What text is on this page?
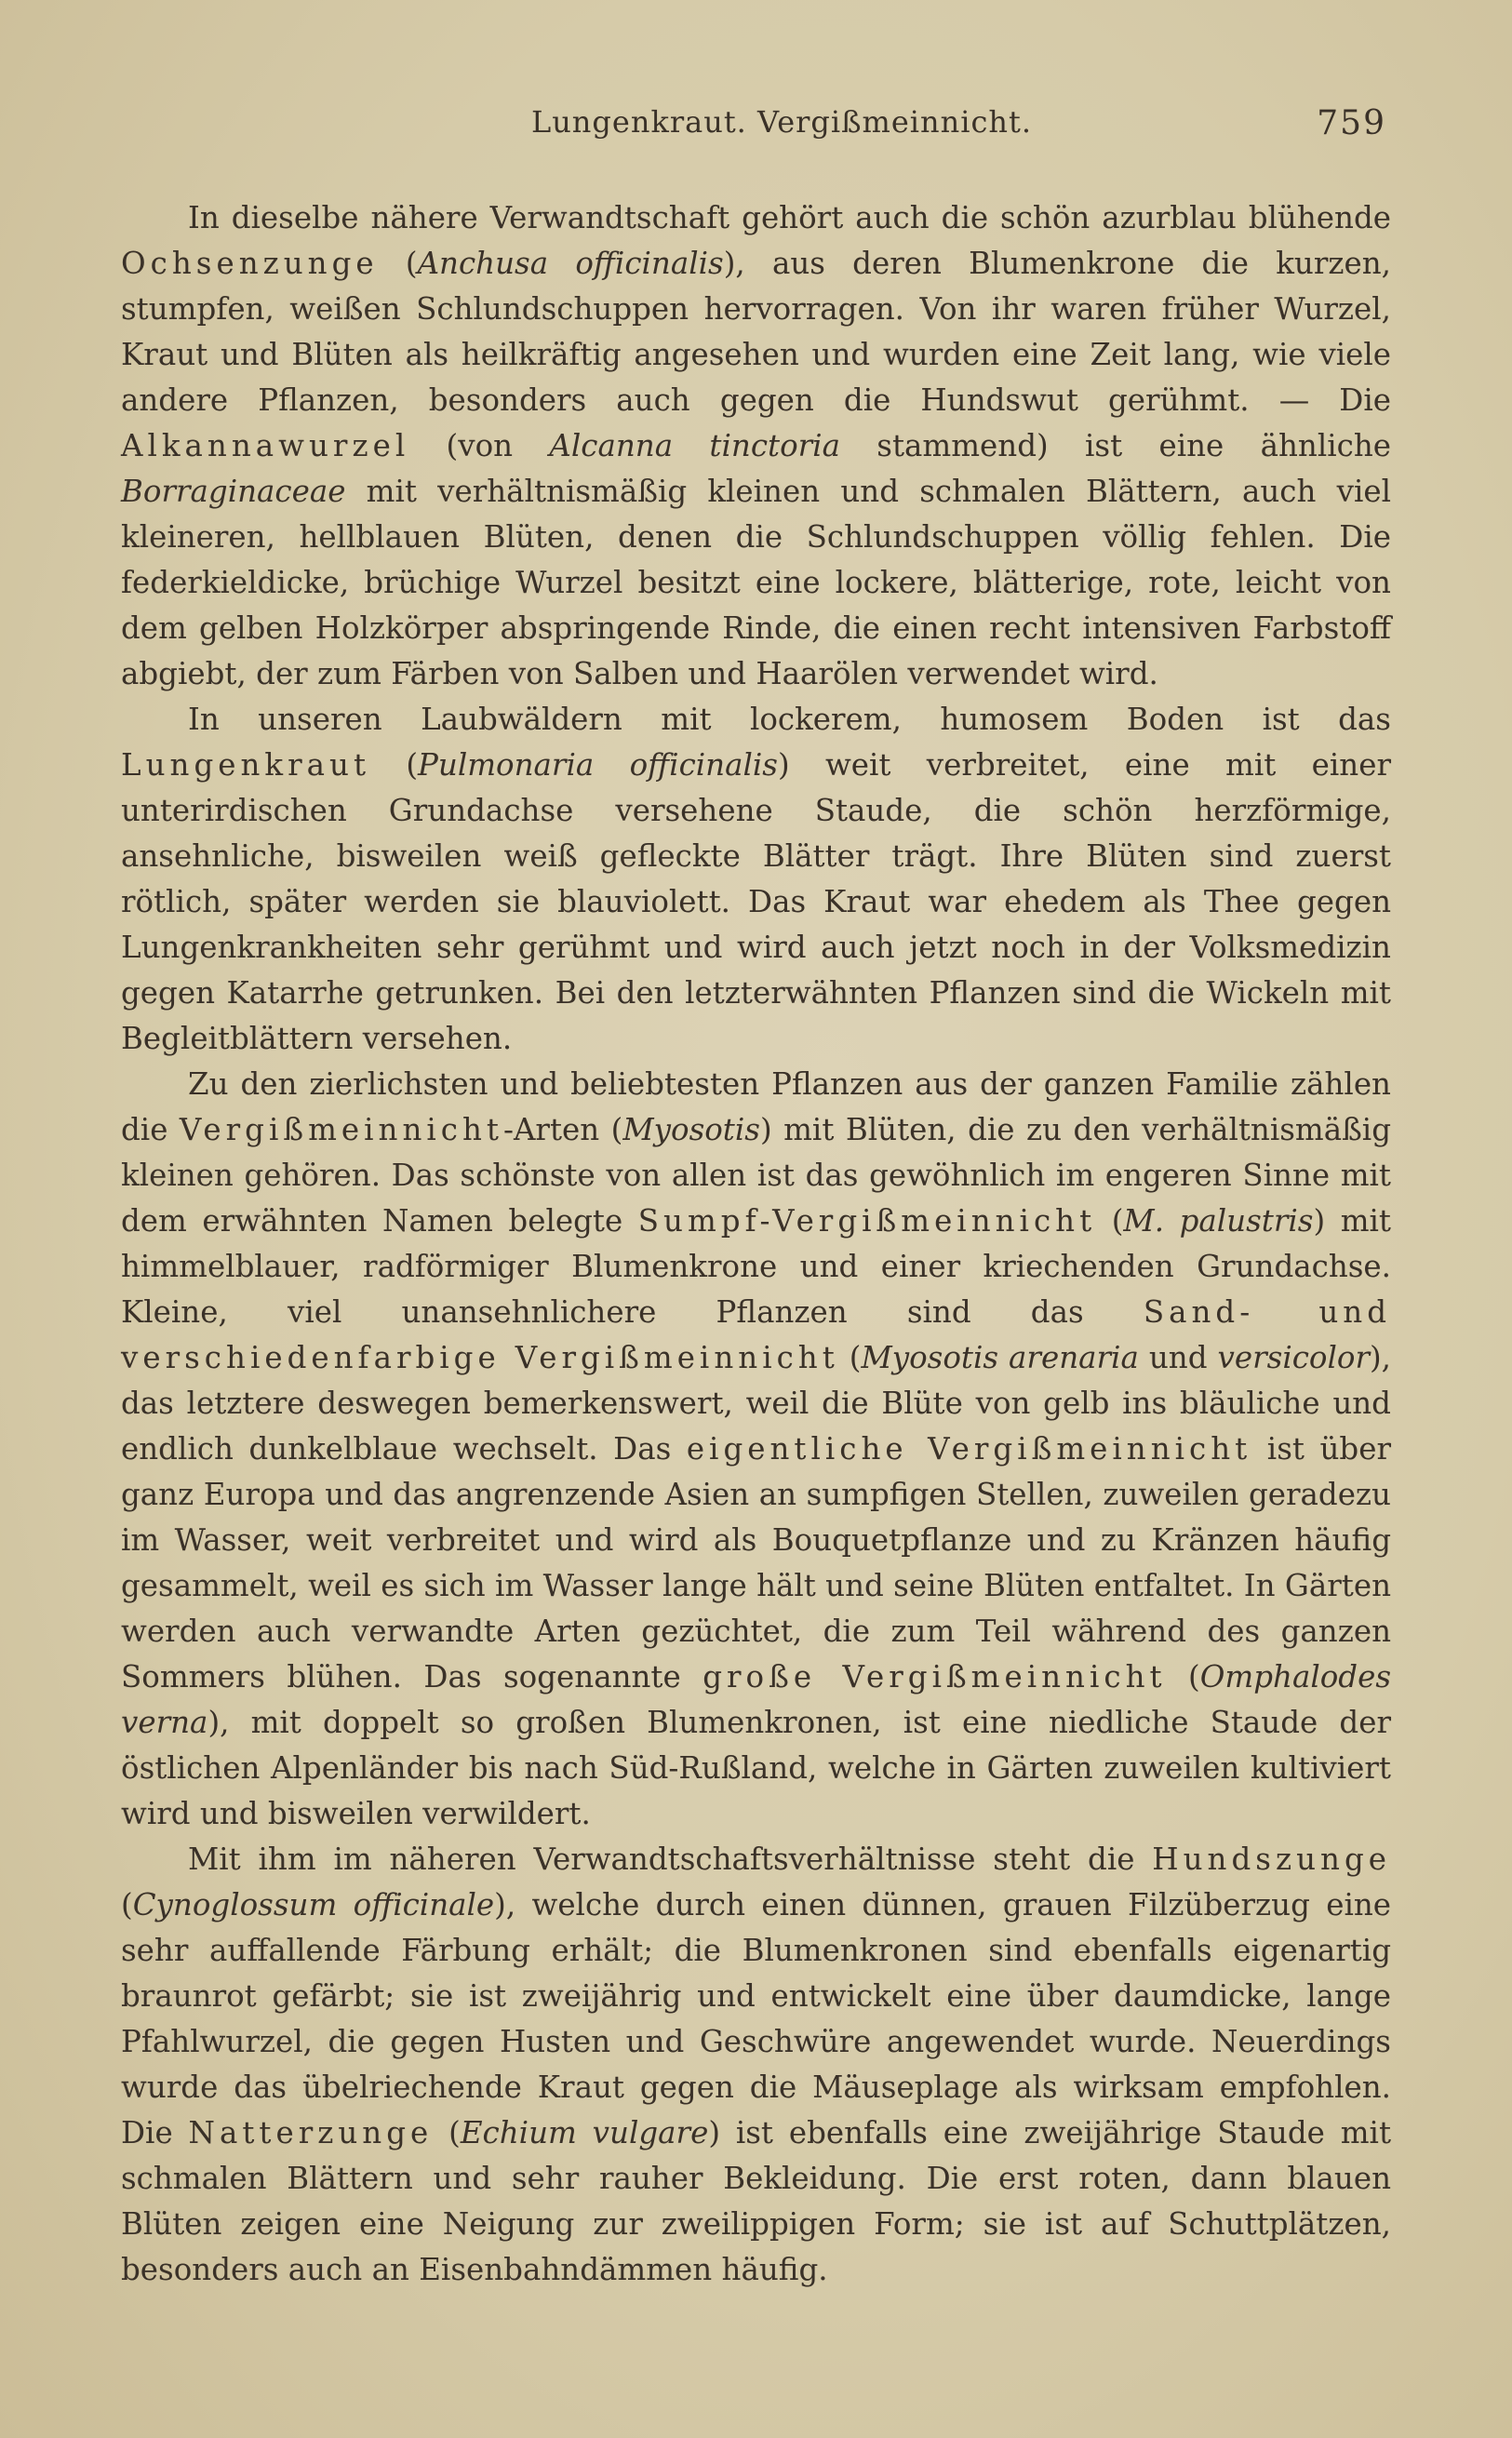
Lungenkraut. Vergißmeinnicht.	759

In dieselbe nähere Verwandtschaft gehört auch die schön azurblau blühende Ochsenzunge (Anchusa officinalis), aus deren Blumenkrone die kurzen, stumpfen, weißen Schlundschuppen hervorragen. Von ihr waren früher Wurzel, Kraut und Blüten als heilkräftig angesehen und wurden eine Zeit lang, wie viele andere Pflanzen, besonders auch gegen die Hundswut gerühmt. — Die Alkannawurzel (von Alcanna tinctoria stammend) ist eine ähnliche Borraginaceae mit verhältnismäßig kleinen und schmalen Blättern, auch viel kleineren, hellblauen Blüten, denen die Schlundschuppen völlig fehlen. Die federkieldicke, brüchige Wurzel besitzt eine lockere, blätterige, rote, leicht von dem gelben Holzkörper abspringende Rinde, die einen recht intensiven Farbstoff abgiebt, der zum Färben von Salben und Haarölen verwendet wird.

In unseren Laubwäldern mit lockerem, humosem Boden ist das Lungenkraut (Pulmonaria officinalis) weit verbreitet, eine mit einer unterirdischen Grundachse versehene Staude, die schön herzförmige, ansehnliche, bisweilen weiß gefleckte Blätter trägt. Ihre Blüten sind zuerst rötlich, später werden sie blauviolett. Das Kraut war ehedem als Thee gegen Lungenkrankheiten sehr gerühmt und wird auch jetzt noch in der Volksmedizin gegen Katarrhe getrunken. Bei den letzterwähnten Pflanzen sind die Wickeln mit Begleitblättern versehen.

Zu den zierlichsten und beliebtesten Pflanzen aus der ganzen Familie zählen die Vergißmeinnicht-Arten (Myosotis) mit Blüten, die zu den verhältnismäßig kleinen gehören. Das schönste von allen ist das gewöhnlich im engeren Sinne mit dem erwähnten Namen belegte Sumpf-Vergißmeinnicht (M. palustris) mit himmelblauer, radförmiger Blumenkrone und einer kriechenden Grundachse. Kleine, viel unansehnlichere Pflanzen sind das Sand- und verschiedenfarbige Vergißmeinnicht (Myosotis arenaria und versicolor), das letztere deswegen bemerkenswert, weil die Blüte von gelb ins bläuliche und endlich dunkelblaue wechselt. Das eigentliche Vergißmeinnicht ist über ganz Europa und das angrenzende Asien an sumpfigen Stellen, zuweilen geradezu im Wasser, weit verbreitet und wird als Bouquetpflanze und zu Kränzen häufig gesammelt, weil es sich im Wasser lange hält und seine Blüten entfaltet. In Gärten werden auch verwandte Arten gezüchtet, die zum Teil während des ganzen Sommers blühen. Das sogenannte große Vergißmeinnicht (Omphalodes verna), mit doppelt so großen Blumenkronen, ist eine niedliche Staude der östlichen Alpenländer bis nach Süd-Rußland, welche in Gärten zuweilen kultiviert wird und bisweilen verwildert.

Mit ihm im näheren Verwandtschaftsverhältnisse steht die Hundszunge (Cynoglossum officinale), welche durch einen dünnen, grauen Filzüberzug eine sehr auffallende Färbung erhält; die Blumenkronen sind ebenfalls eigenartig braunrot gefärbt; sie ist zweijährig und entwickelt eine über daumdicke, lange Pfahlwurzel, die gegen Husten und Geschwüre angewendet wurde. Neuerdings wurde das übelriechende Kraut gegen die Mäuseplage als wirksam empfohlen. Die Natterzunge (Echium vulgare) ist ebenfalls eine zweijährige Staude mit schmalen Blättern und sehr rauher Bekleidung. Die erst roten, dann blauen Blüten zeigen eine Neigung zur zweilippigen Form; sie ist auf Schuttplätzen, besonders auch an Eisenbahndämmen häufig.
